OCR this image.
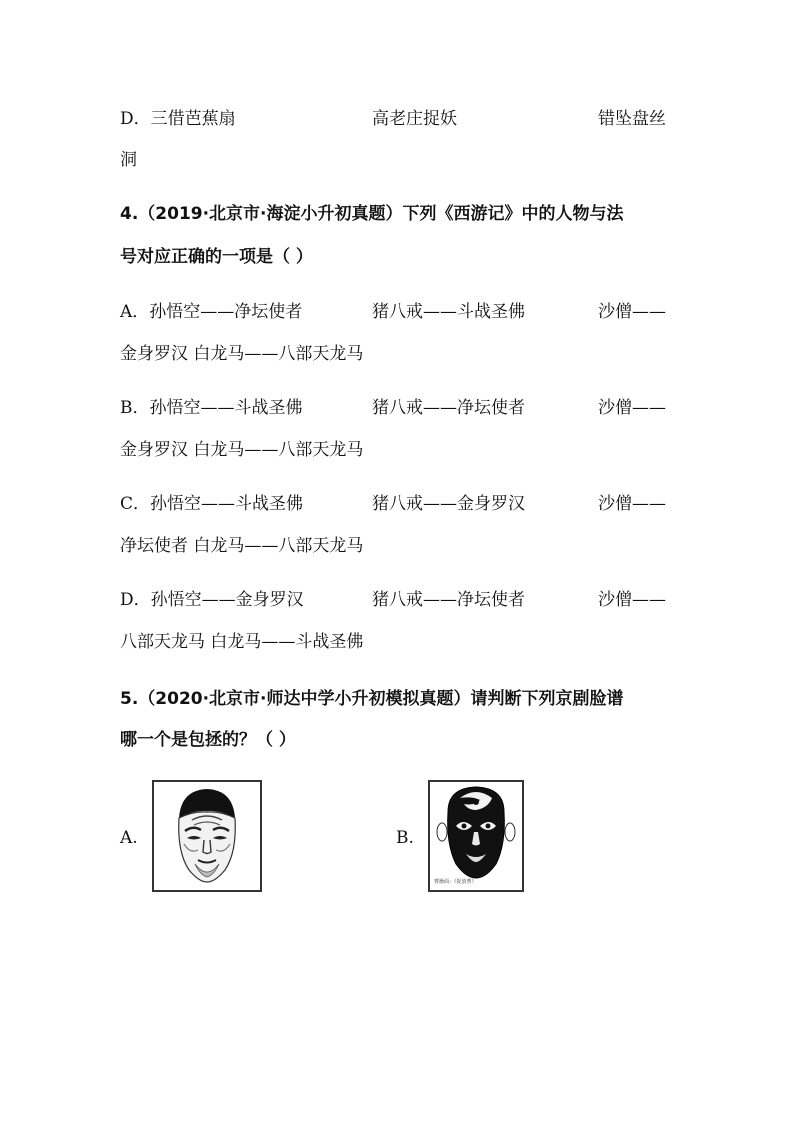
D．三借芭蕉扇	高老庄捉妖	错坠盘丝
洞
4.（2019·北京市·海淀小升初真题）下列《西游记》中的人物与法
号对应正确的一项是（ ）
A．孙悟空——净坛使者	猪八戒——斗战圣佛	沙僧——
金身罗汉 白龙马——八部天龙马
B．孙悟空——斗战圣佛	猪八戒——净坛使者	沙僧——
金身罗汉 白龙马——八部天龙马
C．孙悟空——斗战圣佛	猪八戒——金身罗汉	沙僧——
净坛使者 白龙马——八部天龙马
D．孙悟空——金身罗汉	猪八戒——净坛使者	沙僧——
八部天龙马 白龙马——斗战圣佛
5.（2020·北京市·师达中学小升初模拟真题）请判断下列京剧脸谱
哪一个是包拯的？（ ）
A.	B.
曹操面：《捉放曹》
